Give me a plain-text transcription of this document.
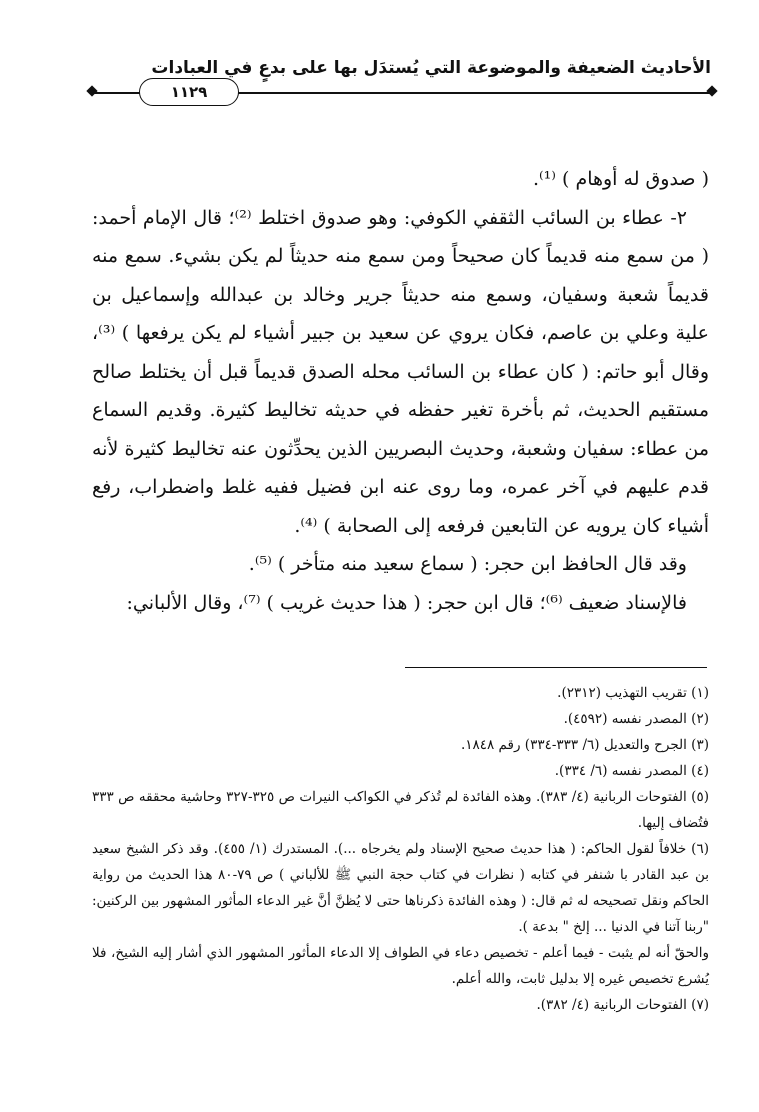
الأحاديث الضعيفة والموضوعة التي يُستدَل بها على بدعٍ في العبادات
١١٢٩

( صدوق له أوهام ) ⁽¹⁾.

٢- عطاء بن السائب الثقفي الكوفي: وهو صدوق اختلط ⁽²⁾؛ قال الإمام أحمد: ( من سمع منه قديماً كان صحيحاً ومن سمع منه حديثاً لم يكن بشيء. سمع منه قديماً شعبة وسفيان، وسمع منه حديثاً جرير وخالد بن عبدالله وإسماعيل بن علية وعلي بن عاصم، فكان يروي عن سعيد بن جبير أشياء لم يكن يرفعها ) ⁽³⁾، وقال أبو حاتم: ( كان عطاء بن السائب محله الصدق قديماً قبل أن يختلط صالح مستقيم الحديث، ثم بأخرة تغير حفظه في حديثه تخاليط كثيرة. وقديم السماع من عطاء: سفيان وشعبة، وحديث البصريين الذين يحدِّثون عنه تخاليط كثيرة لأنه قدم عليهم في آخر عمره، وما روى عنه ابن فضيل ففيه غلط واضطراب، رفع أشياء كان يرويه عن التابعين فرفعه إلى الصحابة ) ⁽⁴⁾.

وقد قال الحافظ ابن حجر: ( سماع سعيد منه متأخر ) ⁽⁵⁾.

فالإسناد ضعيف ⁽⁶⁾؛ قال ابن حجر: ( هذا حديث غريب ) ⁽⁷⁾، وقال الألباني:

(١) تقريب التهذيب (٢٣١٢).

(٢) المصدر نفسه (٤٥٩٢).

(٣) الجرح والتعديل (٦/ ٣٣٣-٣٣٤) رقم ١٨٤٨.

(٤) المصدر نفسه (٦/ ٣٣٤).

(٥) الفتوحات الربانية (٤/ ٣٨٣). وهذه الفائدة لم تُذكر في الكواكب النيرات ص ٣٢٥-٣٢٧ وحاشية محققه ص ٣٣٣ فتُضاف إليها.

(٦) خلافاً لقول الحاكم: ( هذا حديث صحيح الإسناد ولم يخرجاه ...). المستدرك (١/ ٤٥٥). وقد ذكر الشيخ سعيد بن عبد القادر با شنفر في كتابه ( نظرات في كتاب حجة النبي ﷺ للألباني ) ص ٧٩-٨٠ هذا الحديث من رواية الحاكم ونقل تصحيحه له ثم قال: ( وهذه الفائدة ذكرناها حتى لا يُظنَّ أنَّ غير الدعاء المأثور المشهور بين الركنين: "ربنا آتنا في الدنيا ... إلخ " بدعة ).

والحقّ أنه لم يثبت - فيما أعلم - تخصيص دعاء في الطواف إلا الدعاء المأثور المشهور الذي أشار إليه الشيخ، فلا يُشرع تخصيص غيره إلا بدليل ثابت، والله أعلم.

(٧) الفتوحات الربانية (٤/ ٣٨٢).
